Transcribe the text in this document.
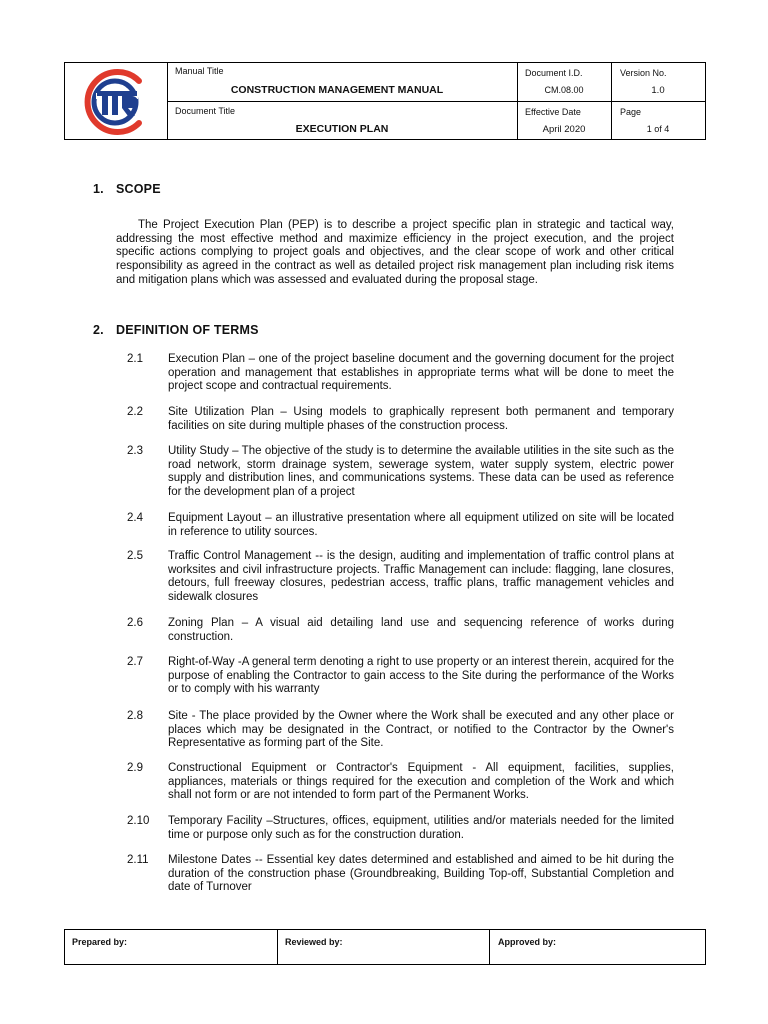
Manual Title
CONSTRUCTION MANAGEMENT MANUAL
Document Title
EXECUTION PLAN
Document I.D.
CM.08.00
Effective Date
April 2020
Version No.
1.0
Page
1 of 4
1. SCOPE
The Project Execution Plan (PEP) is to describe a project specific plan in strategic and tactical way, addressing the most effective method and maximize efficiency in the project execution, and the project specific actions complying to project goals and objectives, and the clear scope of work and other critical responsibility as agreed in the contract as well as detailed project risk management plan including risk items and mitigation plans which was assessed and evaluated during the proposal stage.
2. DEFINITION OF TERMS
2.1 Execution Plan – one of the project baseline document and the governing document for the project operation and management that establishes in appropriate terms what will be done to meet the project scope and contractual requirements.
2.2 Site Utilization Plan – Using models to graphically represent both permanent and temporary facilities on site during multiple phases of the construction process.
2.3 Utility Study – The objective of the study is to determine the available utilities in the site such as the road network, storm drainage system, sewerage system, water supply system, electric power supply and distribution lines, and communications systems. These data can be used as reference for the development plan of a project
2.4 Equipment Layout – an illustrative presentation where all equipment utilized on site will be located in reference to utility sources.
2.5 Traffic Control Management -- is the design, auditing and implementation of traffic control plans at worksites and civil infrastructure projects. Traffic Management can include: flagging, lane closures, detours, full freeway closures, pedestrian access, traffic plans, traffic management vehicles and sidewalk closures
2.6 Zoning Plan – A visual aid detailing land use and sequencing reference of works during construction.
2.7 Right-of-Way -A general term denoting a right to use property or an interest therein, acquired for the purpose of enabling the Contractor to gain access to the Site during the performance of the Works or to comply with his warranty
2.8 Site - The place provided by the Owner where the Work shall be executed and any other place or places which may be designated in the Contract, or notified to the Contractor by the Owner's Representative as forming part of the Site.
2.9 Constructional Equipment or Contractor's Equipment - All equipment, facilities, supplies, appliances, materials or things required for the execution and completion of the Work and which shall not form or are not intended to form part of the Permanent Works.
2.10 Temporary Facility –Structures, offices, equipment, utilities and/or materials needed for the limited time or purpose only such as for the construction duration.
2.11 Milestone Dates -- Essential key dates determined and established and aimed to be hit during the duration of the construction phase (Groundbreaking, Building Top-off, Substantial Completion and date of Turnover
Prepared by:	Reviewed by:	Approved by:
